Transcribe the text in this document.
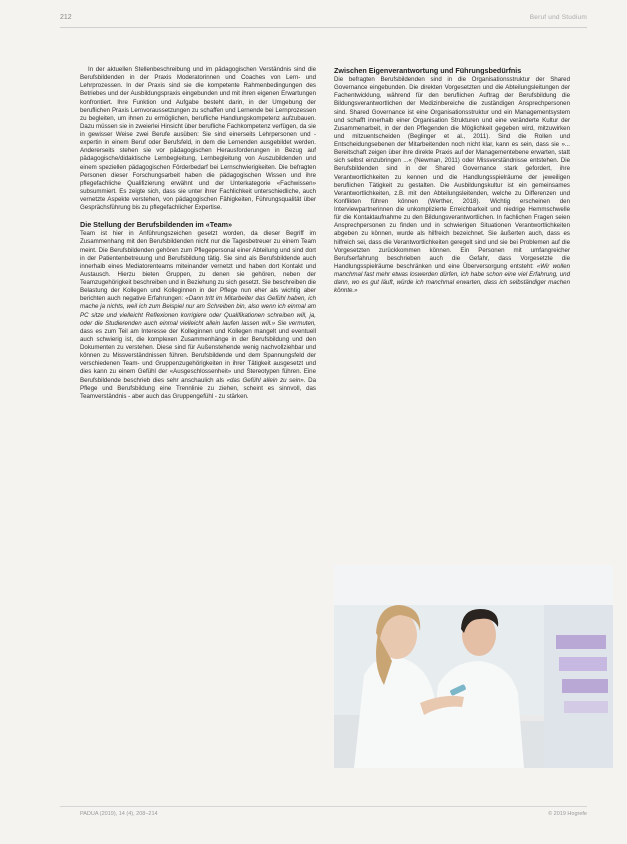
212	Beruf und Studium

In der aktuellen Stellenbeschreibung und im pädagogischen Verständnis sind die Berufsbildenden in der Praxis Moderatorinnen und Coaches von Lern- und Lehrprozessen. In der Praxis sind sie die kompetente Rahmenbedingungen des Betriebes und der Ausbildungspraxis eingebunden und mit ihren eigenen Erwartungen konfrontiert. Ihre Funktion und Aufgabe besteht darin, in der Umgebung der beruflichen Praxis Lernvoraussetzungen zu schaffen und Lernende bei Lernprozessen zu begleiten, um ihnen zu ermöglichen, berufliche Handlungskompetenz aufzubauen. Dazu müssen sie in zweierlei Hinsicht über berufliche Fachkompetenz verfügen, da sie in gewisser Weise zwei Berufe ausüben: Sie sind einerseits Lehrpersonen und -expertin in einem Beruf oder Berufsfeld, in dem die Lernenden ausgebildet werden. Andererseits stehen sie vor pädagogischen Herausforderungen in Bezug auf pädagogische/didaktische Lernbegleitung, Lernbegleitung von Auszubildenden und einem speziellen pädagogischen Förderbedarf bei Lernschwierigkeiten. Die befragten Personen dieser Forschungsarbeit haben die pädagogischen Wissen und ihre pflegefachliche Qualifizierung erwähnt und der Unterkategorie «Fachwissen» subsummiert. Es zeigte sich, dass sie unter ihrer Fachlichkeit unterschiedliche, auch vernetzte Aspekte verstehen, von pädagogischen Fähigkeiten, Führungsqualität über Gesprächsführung bis zu pflegefachlicher Expertise.

Die Stellung der Berufsbildenden im «Team»

Team ist hier in Anführungszeichen gesetzt worden, da dieser Begriff im Zusammenhang mit den Berufsbildenden nicht nur die Tagesbetreuer zu einem Team meint. Die Berufsbildenden gehören zum Pflegepersonal einer Abteilung und sind dort in der Patientenbetreuung und Berufsbildung tätig. Sie sind als Berufsbildende auch innerhalb eines Mediatorenteams miteinander vernetzt und haben dort Kontakt und Austausch. Hierzu bieten Gruppen, zu denen sie gehören, neben der Teamzugehörigkeit beschreiben und in Beziehung zu sich gesetzt. Sie beschreiben die Belastung der Kollegen und Kolleginnen in der Pflege nun eher als wichtig aber berichten auch negative Erfahrungen: «Dann tritt im Mitarbeiter das Gefühl haben, ich mache ja nichts, weil ich zum Beispiel nur am Schreiben bin, also wenn ich einmal am PC sitze und vielleicht Reflexionen korrigiere oder Qualifikationen schreiben will, ja, oder die Studierenden auch einmal vielleicht allein laufen lassen will.» Sie vermuten, dass es zum Teil am Interesse der Kolleginnen und Kollegen mangelt und eventuell auch schwierig ist, die komplexen Zusammenhänge in der Berufsbildung und den Dokumenten zu verstehen. Diese sind für Außenstehende wenig nachvollziehbar und können zu Missverständnissen führen. Berufsbildende und dem Spannungsfeld der verschiedenen Team- und Gruppenzugehörigkeiten in ihrer Tätigkeit ausgesetzt und dies kann zu einem Gefühl der «Ausgeschlossenheit» und Stereotypen führen. Eine Berufsbildende beschrieb dies sehr anschaulich als «das Gefühl allein zu sein». Da Pflege und Berufsbildung eine Trennlinie zu ziehen, scheint es sinnvoll, das Teamverständnis - aber auch das Gruppengefühl - zu stärken.

Zwischen Eigenverantwortung und Führungsbedürfnis

Die befragten Berufsbildenden sind in die Organisationsstruktur der Shared Governance eingebunden. Die direkten Vorgesetzten und die Abteilungsleitungen der Fachentwicklung, während für den beruflichen Auftrag der Berufsbildung die Bildungsverantwortlichen der Medizinbereiche die zuständigen Ansprechpersonen sind. Shared Governance ist eine Organisationsstruktur und ein Managementsystem und schafft innerhalb einer Organisation Strukturen und eine veränderte Kultur der Zusammenarbeit, in der den Pflegenden die Möglichkeit gegeben wird, mitzuwirken und mitzuentscheiden (Beglinger et al., 2011). Sind die Rollen und Entscheidungsebenen der Mitarbeitenden noch nicht klar, kann es sein, dass sie »... Bereitschaft zeigen über ihre direkte Praxis auf der Managementebene erwarten, statt sich selbst einzubringen ...« (Newman, 2011) oder Missverständnisse entstehen. Die Berufsbildenden sind in der Shared Governance stark gefordert, ihre Verantwortlichkeiten zu kennen und die Handlungsspielräume der jeweiligen beruflichen Tätigkeit zu gestalten. Die Ausbildungskultur ist ein gemeinsames Verantwortlichkeiten, z.B. mit den Abteilungsleitenden, welche zu Differenzen und Konflikten führen können (Werther, 2018). Wichtig erscheinen den Interviewpartnerinnen die unkomplizierte Erreichbarkeit und niedrige Hemmschwelle für die Kontaktaufnahme zu den Bildungsverantwortlichen. In fachlichen Fragen seien Ansprechpersonen zu finden und in schwierigen Situationen Verantwortlichkeiten abgeben zu können, wurde als hilfreich bezeichnet. Sie äußerten auch, dass es hilfreich sei, dass die Verantwortlichkeiten geregelt sind und sie bei Problemen auf die Vorgesetzten zurückkommen können. Ein Personen mit umfangreicher Berufserfahrung beschrieben auch die Gefahr, dass Vorgesetzte die Handlungsspielräume beschränken und eine Überversorgung entsteht: «Wir wollen manchmal fast mehr etwas loswerden dürfen, ich habe schon eine viel Erfahrung, und dann, wo es gut läuft, würde ich manchmal erwarten, dass ich selbständiger machen könnte.»

PADUA (2019), 14 (4), 208–214	© 2019 Hogrefe
